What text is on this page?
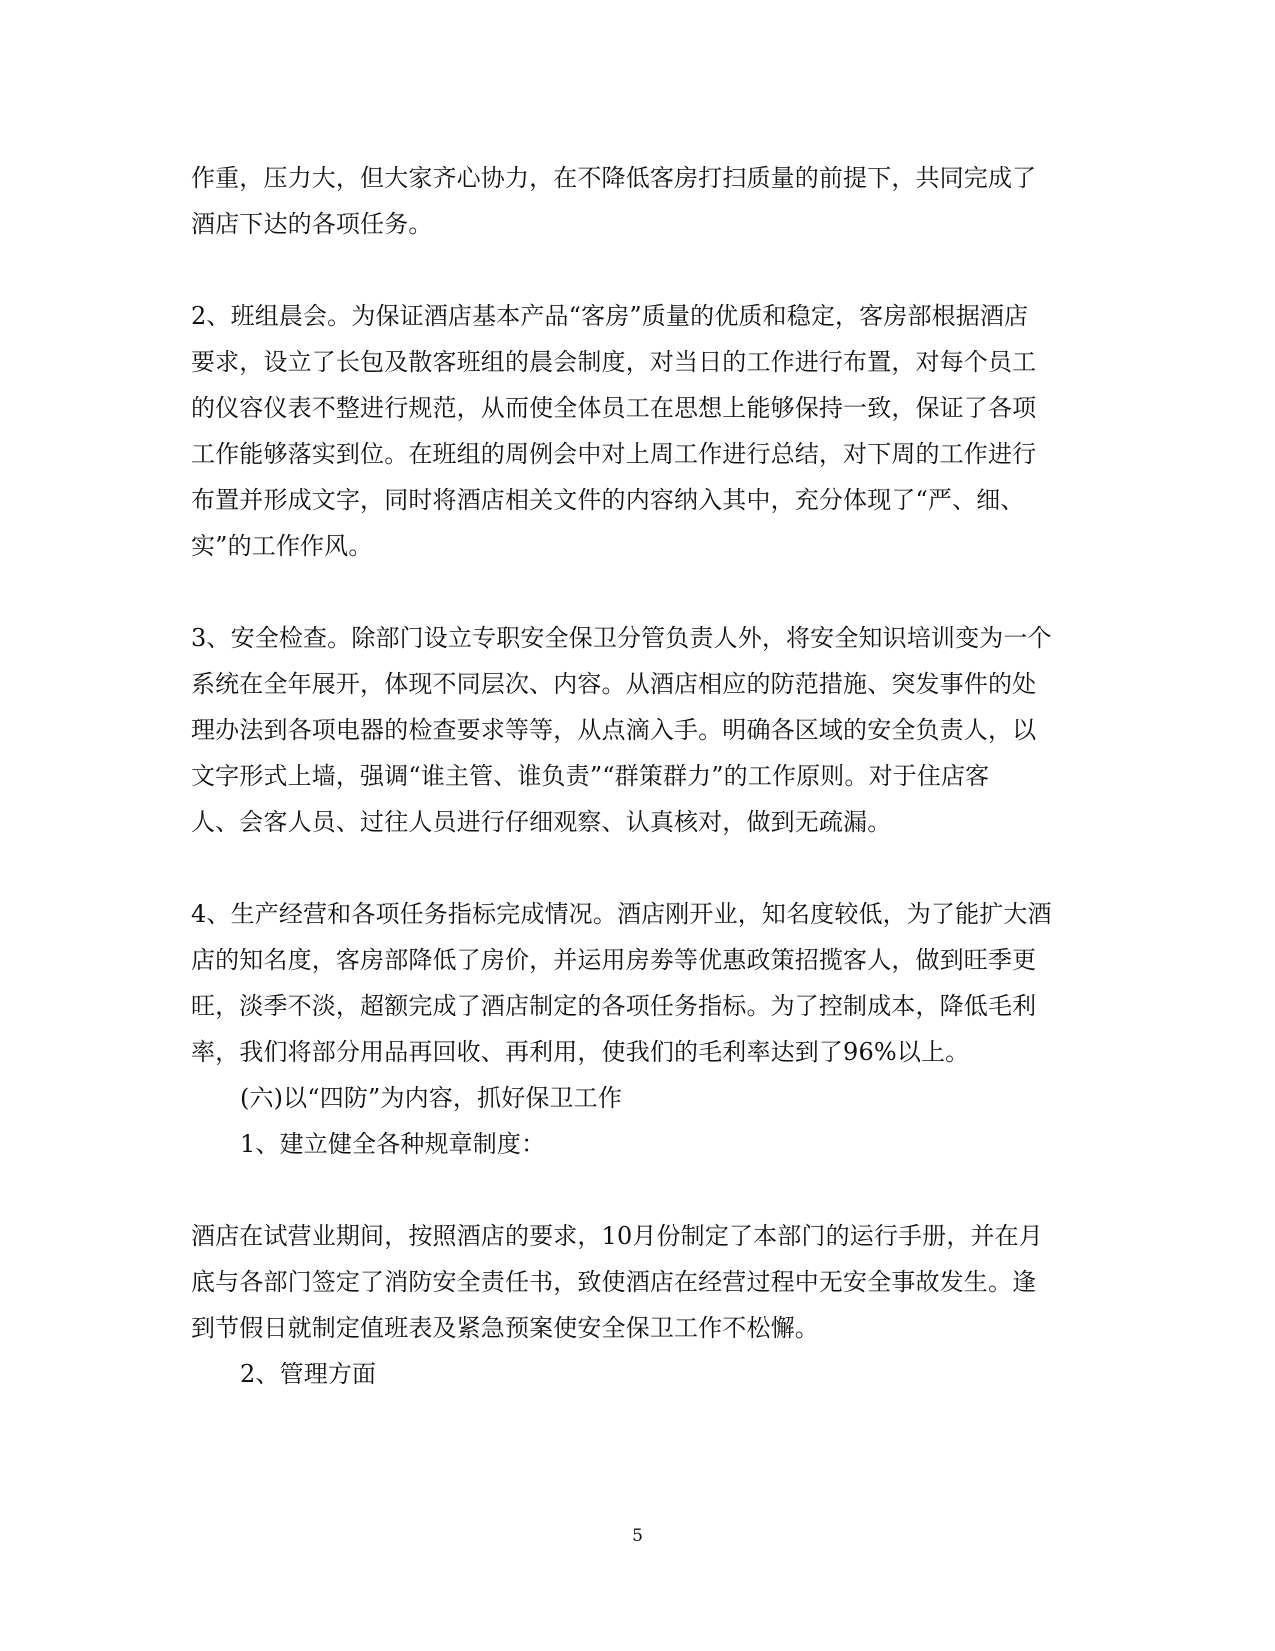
作重，压力大，但大家齐心协力，在不降低客房打扫质量的前提下，共同完成了
酒店下达的各项任务。
2、班组晨会。为保证酒店基本产品“客房”质量的优质和稳定，客房部根据酒店
要求，设立了长包及散客班组的晨会制度，对当日的工作进行布置，对每个员工
的仪容仪表不整进行规范，从而使全体员工在思想上能够保持一致，保证了各项
工作能够落实到位。在班组的周例会中对上周工作进行总结，对下周的工作进行
布置并形成文字，同时将酒店相关文件的内容纳入其中，充分体现了“严、细、
实”的工作作风。
3、安全检查。除部门设立专职安全保卫分管负责人外，将安全知识培训变为一个
系统在全年展开，体现不同层次、内容。从酒店相应的防范措施、突发事件的处
理办法到各项电器的检查要求等等，从点滴入手。明确各区域的安全负责人，以
文字形式上墙，强调“谁主管、谁负责”“群策群力”的工作原则。对于住店客
人、会客人员、过往人员进行仔细观察、认真核对，做到无疏漏。
4、生产经营和各项任务指标完成情况。酒店刚开业，知名度较低，为了能扩大酒
店的知名度，客房部降低了房价，并运用房劵等优惠政策招揽客人，做到旺季更
旺，淡季不淡，超额完成了酒店制定的各项任务指标。为了控制成本，降低毛利
率，我们将部分用品再回收、再利用，使我们的毛利率达到了96%以上。
(六)以“四防”为内容，抓好保卫工作
1、建立健全各种规章制度：
酒店在试营业期间，按照酒店的要求，10月份制定了本部门的运行手册，并在月
底与各部门签定了消防安全责任书，致使酒店在经营过程中无安全事故发生。逢
到节假日就制定值班表及紧急预案使安全保卫工作不松懈。
2、管理方面
5
